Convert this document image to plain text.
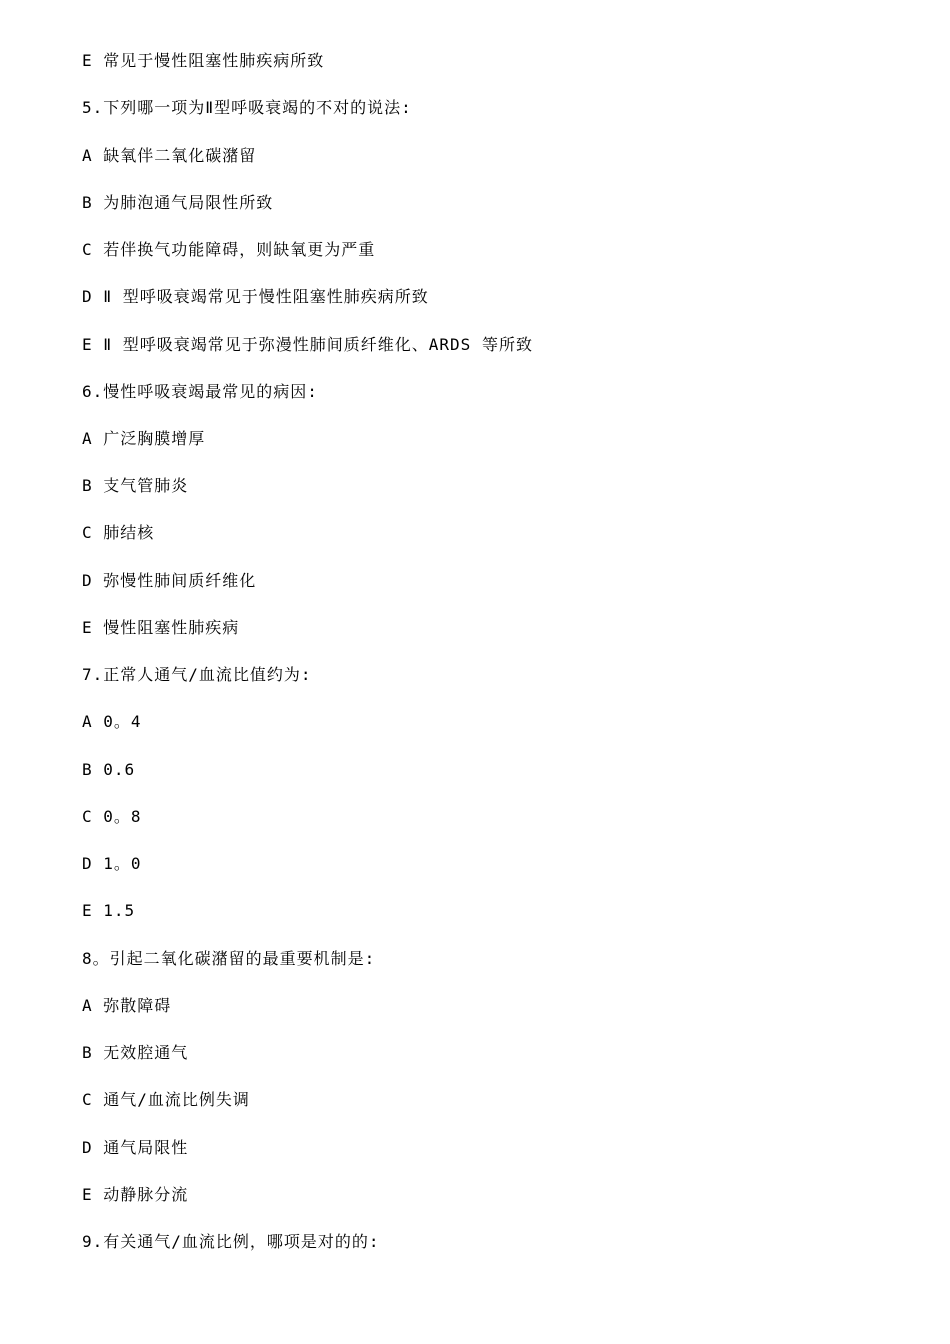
E 常见于慢性阻塞性肺疾病所致
5.下列哪一项为Ⅱ型呼吸衰竭的不对的说法:
A 缺氧伴二氧化碳潴留
B 为肺泡通气局限性所致
C 若伴换气功能障碍，则缺氧更为严重
D Ⅱ 型呼吸衰竭常见于慢性阻塞性肺疾病所致
E Ⅱ 型呼吸衰竭常见于弥漫性肺间质纤维化、ARDS 等所致
6.慢性呼吸衰竭最常见的病因:
A 广泛胸膜增厚
B 支气管肺炎
C 肺结核
D 弥慢性肺间质纤维化
E 慢性阻塞性肺疾病
7.正常人通气/血流比值约为:
A 0。4
B 0.6
C 0。8
D 1。0
E 1.5
8。引起二氧化碳潴留的最重要机制是:
A 弥散障碍
B 无效腔通气
C 通气/血流比例失调
D 通气局限性
E 动静脉分流
9.有关通气/血流比例，哪项是对的的:
